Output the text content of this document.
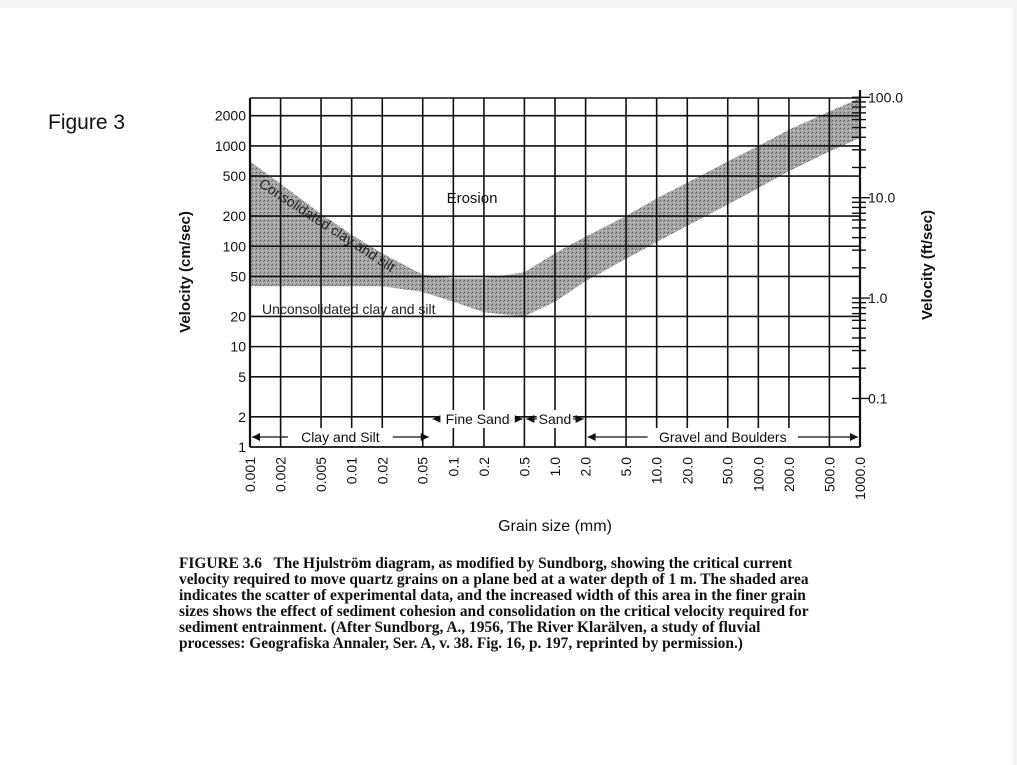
Figure 3
0.001 0.002 0.005 0.01 0.02 0.05 0.1 0.2 0.5 1.0 2.0 5.0 10.0 20.0 50.0 100.0 200.0 500.0 1000.0
1
2
5
10
20
50
100
200
500
1000
2000
0.1
1.0
10.0
100.0
Velocity (cm/sec)	Velocity (ft/sec)
Grain size (mm)
Erosion
Consolidated clay and silt
Unconsolidated clay and silt
Clay and Silt
Fine Sand Sand
Gravel and Boulders
FIGURE 3.6 The Hjulström diagram, as modified by Sundborg, showing the critical current
velocity required to move quartz grains on a plane bed at a water depth of 1 m. The shaded area
indicates the scatter of experimental data, and the increased width of this area in the finer grain
sizes shows the effect of sediment cohesion and consolidation on the critical velocity required for
sediment entrainment. (After Sundborg, A., 1956, The River Klarälven, a study of fluvial
processes: Geografiska Annaler, Ser. A, v. 38. Fig. 16, p. 197, reprinted by permission.)
